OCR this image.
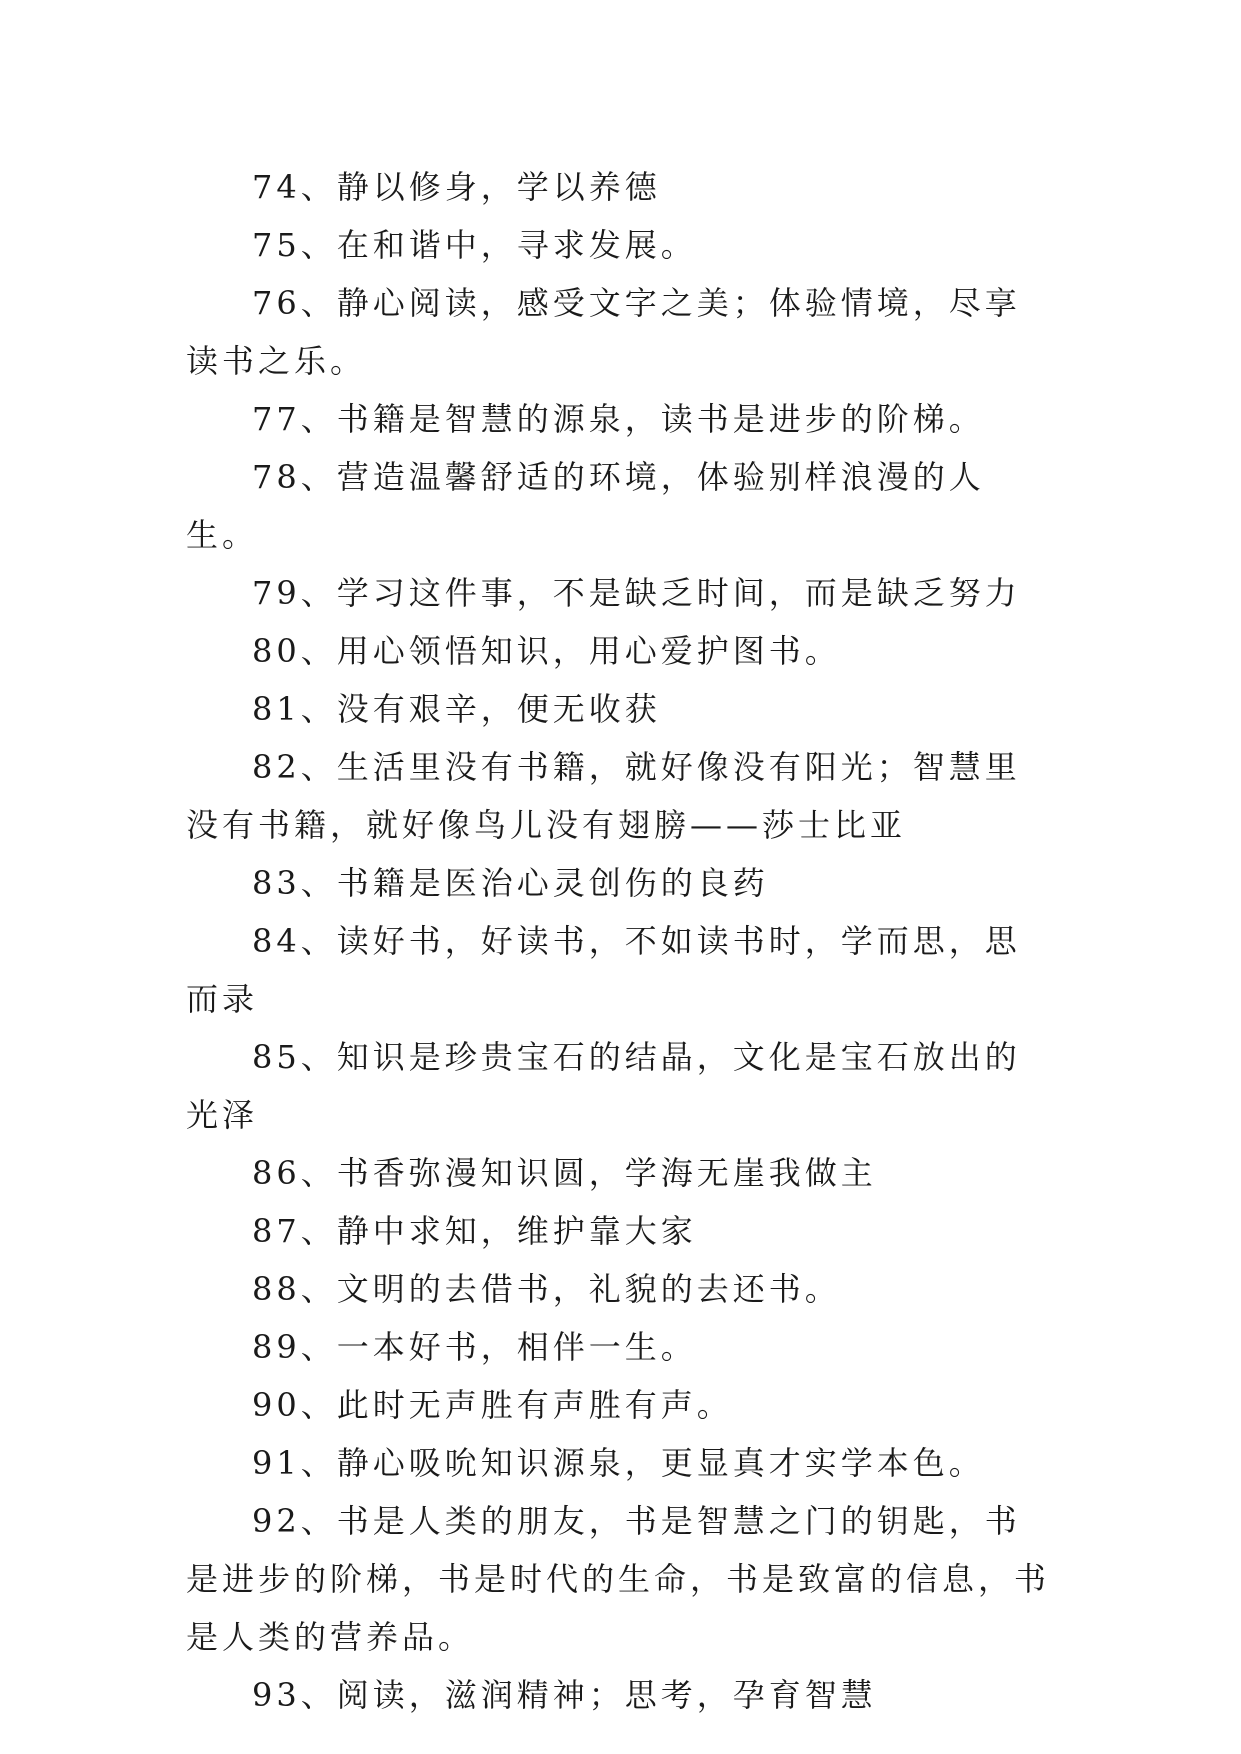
74、静以修身，学以养德

75、在和谐中，寻求发展。

76、静心阅读，感受文字之美；体验情境，尽享读书之乐。

77、书籍是智慧的源泉，读书是进步的阶梯。

78、营造温馨舒适的环境，体验别样浪漫的人生。

79、学习这件事，不是缺乏时间，而是缺乏努力

80、用心领悟知识，用心爱护图书。

81、没有艰辛，便无收获

82、生活里没有书籍，就好像没有阳光；智慧里没有书籍，就好像鸟儿没有翅膀——莎士比亚

83、书籍是医治心灵创伤的良药

84、读好书，好读书，不如读书时，学而思，思而录

85、知识是珍贵宝石的结晶，文化是宝石放出的光泽

86、书香弥漫知识圆，学海无崖我做主

87、静中求知，维护靠大家

88、文明的去借书，礼貌的去还书。

89、一本好书，相伴一生。

90、此时无声胜有声胜有声。

91、静心吸吮知识源泉，更显真才实学本色。

92、书是人类的朋友，书是智慧之门的钥匙，书是进步的阶梯，书是时代的生命，书是致富的信息，书是人类的营养品。

93、阅读，滋润精神；思考，孕育智慧
